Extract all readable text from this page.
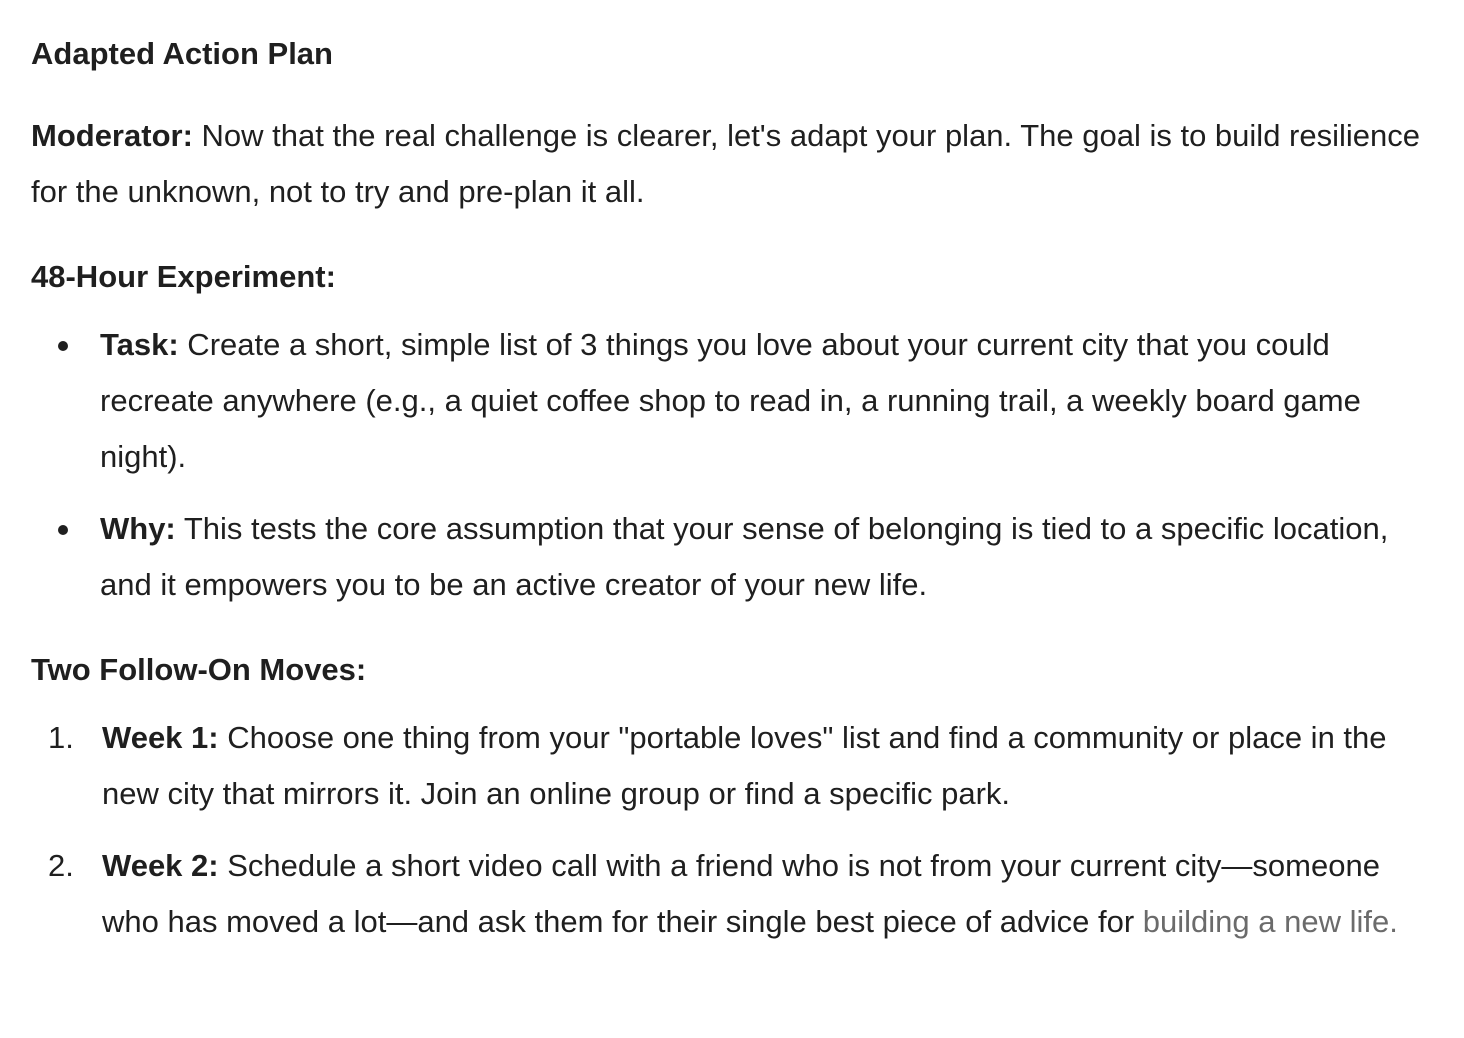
Adapted Action Plan

Moderator: Now that the real challenge is clearer, let's adapt your plan. The goal is to build resilience for the unknown, not to try and pre-plan it all.

48-Hour Experiment:

Task: Create a short, simple list of 3 things you love about your current city that you could recreate anywhere (e.g., a quiet coffee shop to read in, a running trail, a weekly board game night).
Why: This tests the core assumption that your sense of belonging is tied to a specific location, and it empowers you to be an active creator of your new life.

Two Follow-On Moves:

1. Week 1: Choose one thing from your "portable loves" list and find a community or place in the new city that mirrors it. Join an online group or find a specific park.
2. Week 2: Schedule a short video call with a friend who is not from your current city—someone who has moved a lot—and ask them for their single best piece of advice for building a new life.
